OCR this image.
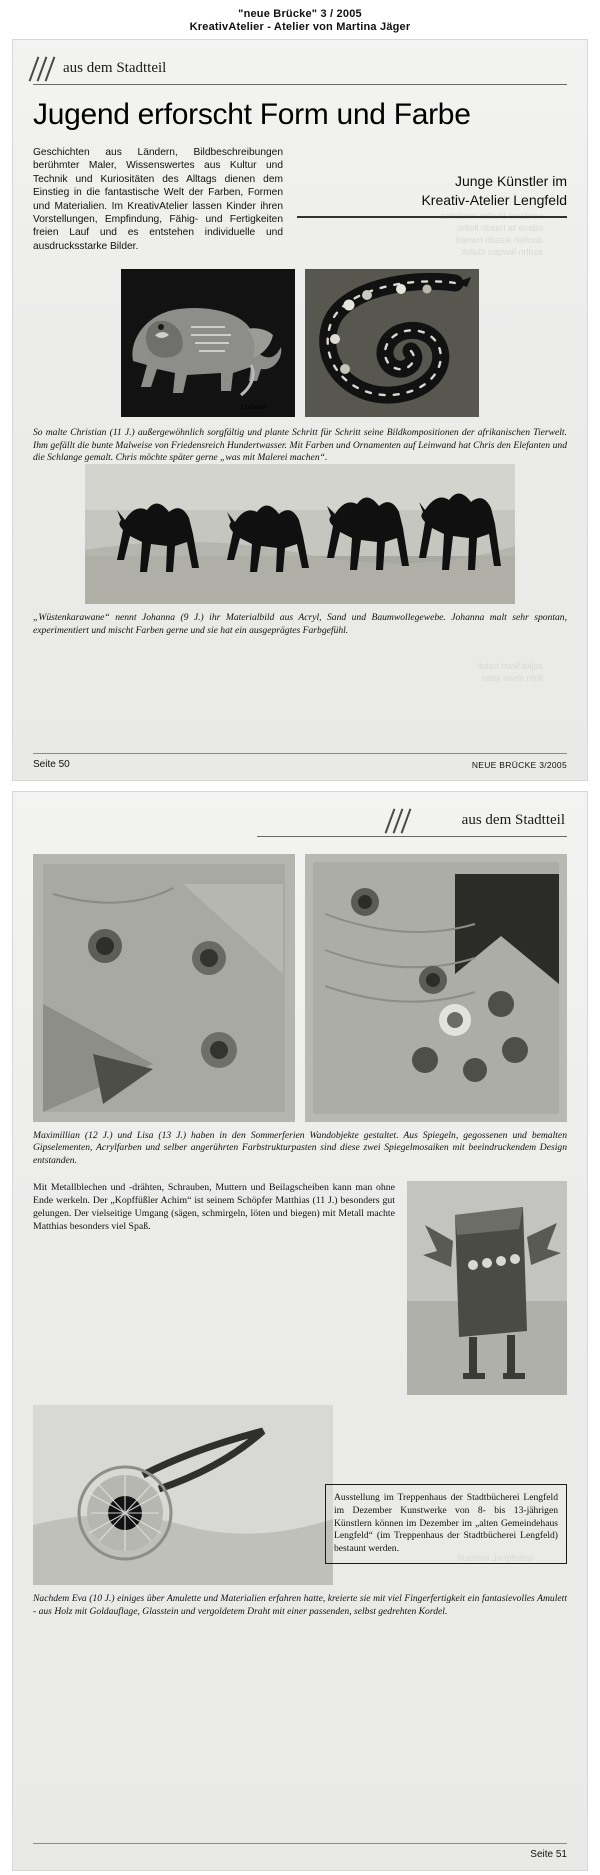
"neue Brücke" 3 / 2005
KreativAtelier - Atelier von Martina Jäger

nderie ta hasdn lkdhn
doniteh lkasdn hwned
asdhn lkwqen tdalsk

asjkd lkwn hasdi
lkdn shwe ijdas
aus dem Stadtteil
Jugend erforscht Form und Farbe
Geschichten aus Ländern, Bildbeschreibungen berühmter Maler, Wissenswertes aus Kultur und Technik und Kuriositäten des Alltags dienen dem Einstieg in die fantastische Welt der Farben, Formen und Materialien. Im KreativAtelier lassen Kinder ihren Vorstellungen, Empfindung, Fähig- und Fertigkeiten freien Lauf und es entstehen individuelle und ausdrucksstarke Bilder.
Junge Künstler im
Kreativ-Atelier Lengfeld
Christian
So malte Christian (11 J.) außergewöhnlich sorgfältig und plante Schritt für Schritt seine Bildkompositionen der afrikanischen Tierwelt. Ihm gefällt die bunte Malweise von Friedensreich Hundertwasser. Mit Farben und Ornamenten auf Leinwand hat Chris den Elefanten und die Schlange gemalt. Chris möchte später gerne „was mit Malerei machen“.
„Wüstenkarawane“ nennt Johanna (9 J.) ihr Materialbild aus Acryl, Sand und Baumwollegewebe. Johanna malt sehr spontan, experimentiert und mischt Farben gerne und sie hat ein ausgeprägtes Farbgefühl.
Seite 50	NEUE BRÜCKE 3/2005

ledlefgneL ieretsuK
aus dem Stadtteil
Maximillian (12 J.) und Lisa (13 J.) haben in den Sommerferien Wandobjekte gestaltet. Aus Spiegeln, gegossenen und bemalten Gipselementen, Acrylfarben und selber angerührten Farbstrukturpasten sind diese zwei Spiegelmosaiken mit beeindruckendem Design entstanden.
Mit Metallblechen und -drähten, Schrauben, Muttern und Beilagscheiben kann man ohne Ende werkeln. Der „Kopffüßler Achim“ ist seinem Schöpfer Matthias (11 J.) besonders gut gelungen. Der vielseitige Umgang (sägen, schmirgeln, löten und biegen) mit Metall machte Matthias besonders viel Spaß.
Nachdem Eva (10 J.) einiges über Amulette und Materialien erfahren hatte, kreierte sie mit viel Fingerfertigkeit ein fantasievolles Amulett - aus Holz mit Goldauflage, Glasstein und vergoldetem Draht mit einer passenden, selbst gedrehten Kordel.
Ausstellung im Treppenhaus der Stadtbücherei Lengfeld im Dezember Kunstwerke von 8- bis 13-jährigen Künstlern können im Dezember im „alten Gemeindehaus Lengfeld“ (im Treppenhaus der Stadtbücherei Lengfeld) bestaunt werden.

Seite 51
